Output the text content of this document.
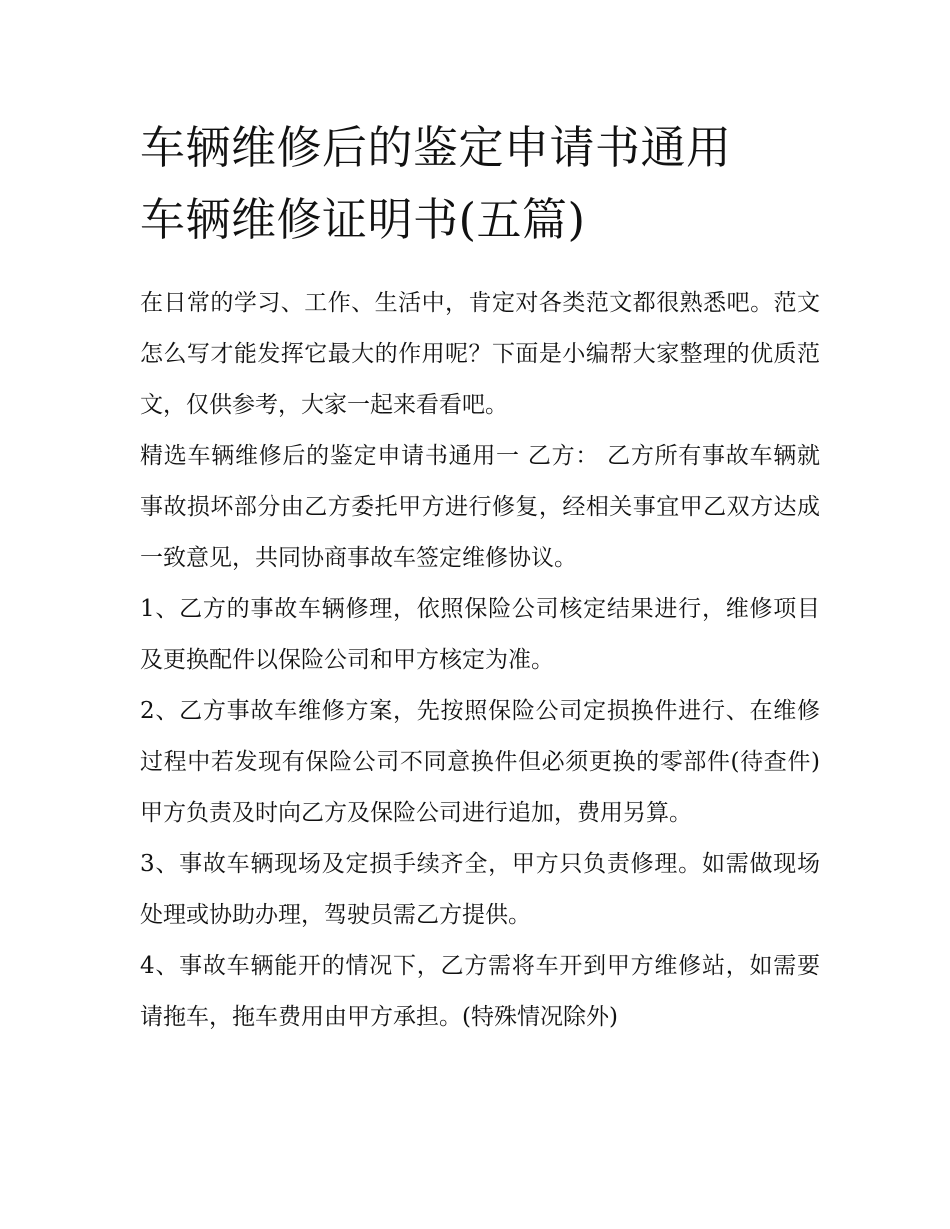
车辆维修后的鉴定申请书通用
车辆维修证明书(五篇)

在日常的学习、工作、生活中，肯定对各类范文都很熟悉吧。范文怎么写才能发挥它最大的作用呢？下面是小编帮大家整理的优质范文，仅供参考，大家一起来看看吧。

精选车辆维修后的鉴定申请书通用一 乙方： 乙方所有事故车辆就事故损坏部分由乙方委托甲方进行修复，经相关事宜甲乙双方达成一致意见，共同协商事故车签定维修协议。

1、乙方的事故车辆修理，依照保险公司核定结果进行，维修项目及更换配件以保险公司和甲方核定为准。

2、乙方事故车维修方案，先按照保险公司定损换件进行、在维修过程中若发现有保险公司不同意换件但必须更换的零部件(待查件)甲方负责及时向乙方及保险公司进行追加，费用另算。

3、事故车辆现场及定损手续齐全，甲方只负责修理。如需做现场处理或协助办理，驾驶员需乙方提供。

4、事故车辆能开的情况下，乙方需将车开到甲方维修站，如需要请拖车，拖车费用由甲方承担。(特殊情况除外)
